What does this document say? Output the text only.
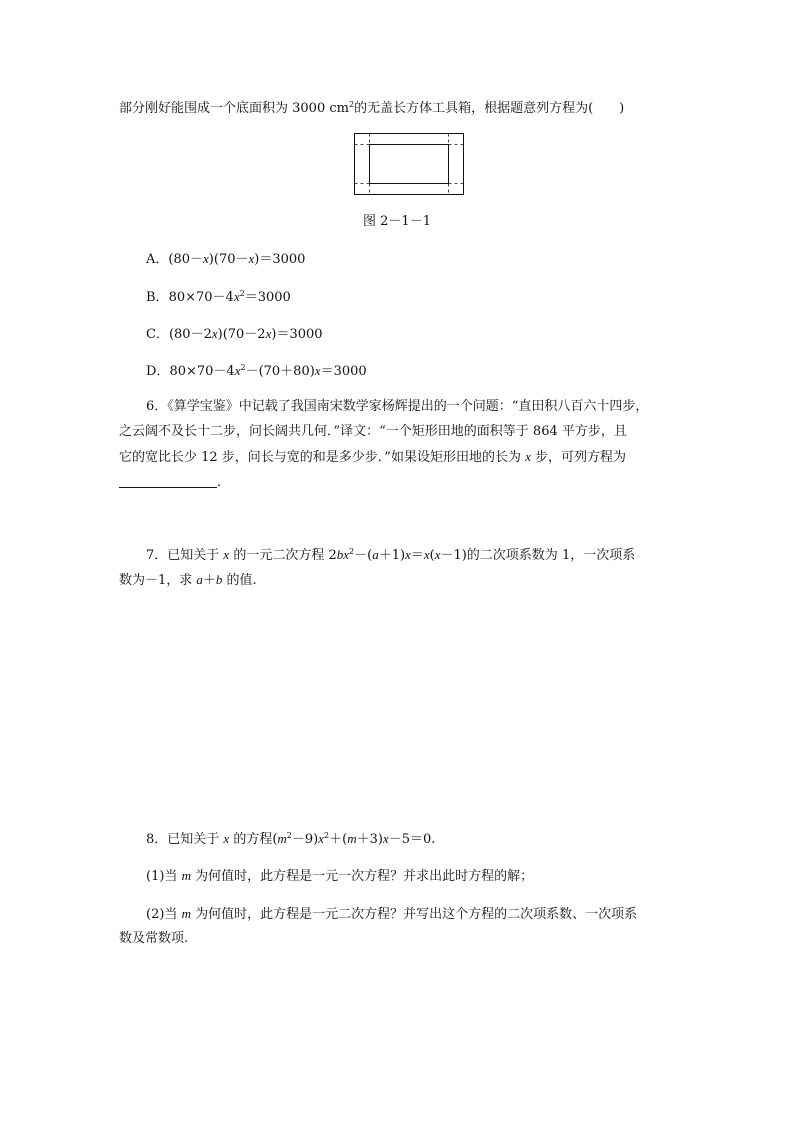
部分刚好能围成一个底面积为 3000 $cm^2$的无盖长方体工具箱，根据题意列方程为(　　)
图 2－1－1
A．(80－x)(70－x)＝3000
B．$80\times 70-4x^2=3000$
C．(80－2x)(70－2x)＝3000
D．$80\times 70-4x^2-(70+80)x=3000$
6．《算学宝鉴》中记载了我国南宋数学家杨辉提出的一个问题：“直田积八百六十四步，
之云阔不及长十二步，问长阔共几何．”译文：“一个矩形田地的面积等于 864 平方步，且
它的宽比长少 12 步，问长与宽的和是多少步．”如果设矩形田地的长为 x 步，可列方程为
.
7．已知关于 x 的一元二次方程 $2bx^2-(a+1)x=x(x-1)$的二次项系数为 1，一次项系
数为－1，求 a＋b 的值.
8．已知关于 x 的方程$(m^2-9)x^2+(m+3)x-5=0$.
(1)当 m 为何值时，此方程是一元一次方程？并求出此时方程的解；
(2)当 m 为何值时，此方程是一元二次方程？并写出这个方程的二次项系数、一次项系
数及常数项.
